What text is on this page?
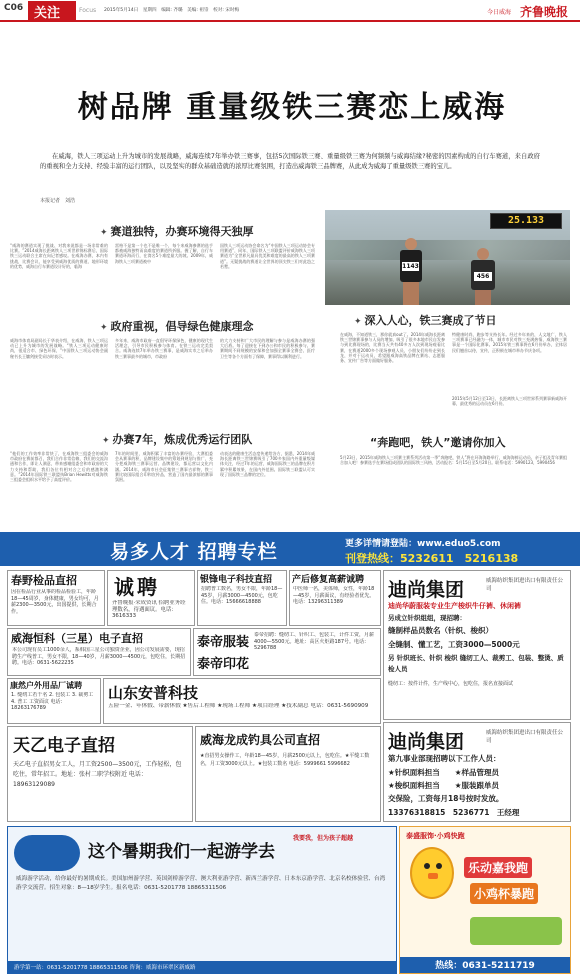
C06 关注	Focus 2015年5月14日　星期四　编辑: 齐璐　美编: 祖崇　校对: 宋时梅	今日威海 齐鲁晚报
树品牌 重量级铁三赛恋上威海
在威海，铁人三项运动上升为城市的发展战略，威海连续7年举办铁三赛事，包括5次国际铁三赛、重量级铁三赛为何频频与威海结缘?秘密的因素构成的自行车赛道，来自政府的重视和全力支持、经验丰富的运行团队，以及坚实的群众基础造就的浓厚比赛氛围，打造出威海铁三品牌赛，从此成为威海了重量级铁三赛的宝儿。
本报记者　刘浩
✦ 赛道独特，办赛环境得天独厚
“威海的赛道实现了挑战、对我来说都是一场非常难的比赛。”2014威海长距离铁人三项世界锦标赛后，国际铁三运动联合主席在向记者感叹。在威海办赛，本内有挑战，比赛会议、能享受到威海优质的赛道、地形环境的优势，威海自行车赛道设计好的，临海
雷格不是第一个也不是唯一个，每个来威海参赛的选手都被威海独特而高难度的赛道所折服。握了解，自行车赛道环海而行，在湾名5个难度最大的坡。2009年，威海铁人三项赛道被中
国铁人三项运动协会命名为“中国铁人三项运动协会专用赛道”，同年，国际铁人三项联盟评价威海铁人三项赛道为“全世界凡最具优美和难度的最高的铁人三项赛道”。无疑挑战的赛道让全世界的顶尖铁三们对此趋之若鹜。
✦ 政府重视，倡导绿色健康理念
威海市体育局副局长于华表介绍，在威海，铁人三项运动已上升为城市的发展战略。“铁人三项运动健康时尚，很适合市、绿色环保，”中国铁人三项运动协会副秘书长王镛剑接受采访时表示。
多年来，威海市政府一直倡导环保绿色，健康的现代生活理念，引导市民积极参与体育。在铁三运动完美契合。威海连续7年举办铁三赛事，是威海实市之后举办铁三赛事最多的城市，市政府
的大力支持和广大市民的理解与参与是威海办赛的强大后盾。每了迎接在下到办公和市民的积极参与、赛赛期间不同规模的安保和会加强全赛事全赛会、医疗卫生等各个方面有了保障，赛事得以顺利进行。
✦ 办赛7年，炼成优秀运行团队
“他们的工作效率非常快了，在威海铁三组委会的威海市政府在赛前都召，我们合作非常信赖，我们的交流沟通和合作，即让人满意，带来感谢组委会和市政府的大力支持和帮助，我们各位有相对合之后的感激和满意。”2014年国际铁三联盟执Brian Hewitts对威海铁三组委会组织水平给予了高度评价。
7年的时间里，威海积累了丰富的办赛经验，大赛组委会从赛事的积，品牌建设集中的筹划到规划与推广，充分把威海铁三赛事运营、品牌建设，都运营以文化内涵。2014年，威海市社会征集铁三赛事吉祥物，铁三赛比较国际组合印和宣传品，营造了国内最浓郁的赛事氛围。
动表达的健康生活态度传递给各方，据悉，2014年威海长距离铁三世锦赛吸引了700多家国内外重量级媒体关注，经过7年的运营，威海国际铁三的品牌在积月累中积累效果，在国内外范围。国际铁三联盟认可实现了国际铁三品牌的定位。
25.133
1143
456
✦ 深入人心，铁三赛成了节日
在威海，不知道铁三，那你就真out了。2014年威海长距离铁三世锦赛事参与人员的增加、吸引了很多本地市民自发参与到比赛现场的，比赛当天共有40多万人次到现场观看比赛，在赛道2000多个现场参观人员，小朋友们纷纷走到长龙，并对于运动员，希望跟威海高铁品牌在赛站、志愿服务、宣传广告等方面做好服务。
特健康时尚，跑步等支持长年。经过多年来的，人文地广，铁人三项赛事已经融为一体，城市市民对铁三充满热情，威海铁三赛事是一个国际化赛事。2015年铁三赛事将在6月份举办，全体居民们翘首以待，宣传，正积极在城市举办节庆各项。
2015年5月12日至13日，长距离铁人三项世界系列赛事新威海开幕，最优秀的运动员在6月份。
“奔跑吧，铁人”邀请你加入
5月23日，2015年威海铁人三项赛主赛系列活动第一季“奔跑吧，铁人”将在环海海路举行，威海海鲜运动员、亲子组及青年赛组合加入吧！参赛选手在赛场组成团队的国际铁三风格，活动报名：5月15日至5月20日。联系电话：5990123，5990456
易多人才 招聘专栏	更多详情请登陆：www.eduo5.com
刊登热线：5232611　5216138
春野检品直招
因在检品行业从事的检品检验工，年龄18—45周岁，身体健康，男女均可，月薪2300—3500元，出国提供，长期合作。
诚聘
齐鲁晚报·荣成资讯 招聘业务经理数名，待遇面议。电话：3616333
银锋电子科技直招
招聘普工数名，男女不限，年龄18—45岁，月薪3000—4500元，包吃住。电话：15666618888
产后修复高薪诚聘
中医师一名，美体师，女性，年龄18—45岁，月薪面议，有经验者优先。电话：13296311389
迪尚集团	威海纺织集团进出口有限责任公司
迪尚华蔚服装专业生产梭织牛仔裤、休闲裤
另成立针织组组，现招聘：
缝制样品员数名（针织、梭织）
全缝制、懂工艺，工资3000—5000元
另 针织班长、针织 梭织 缝纫工人、裁剪工、包装、整烫、质检人员
缝纫工：按件计件，生产线中心，包吃住，报名直接面试
威海恒科（三星）电子直招
本公司现有员工1000余人，系韩国三星公司独资企业，因公司发展需要，现招聘生产线普工，男女不限，18—40岁，月薪3000—4500元，包吃住，长期招聘。电话：0631-5622235
泰帝服装
泰帝印花
泰帝招聘：缝纫工、针织工、包装工，计件工资，月薪4000—5500元。地址：高区火炬路187号。电话：5296788
康然户外用品厂诚聘
1. 缝纫工若干名 2. 包装工 3. 裁剪工 4. 普工 工资面议 电话：18263176789
山东安普科技
五险一金、年休假、带薪休假 ★售后工程师 ★现场工程师 ★项目经理 ★技术副总 电话：0631-5690909
迪尚集团	威海纺织集团进出口有限责任公司
第九事业部现招聘以下工作人员：
★针织面料担当　　★样品管理员
★梭织面料担当　　★服装跟单员
交保险，工资每月18号按时发放。
13376318815　5236771　王经理
天乙电子直招
天乙电子直招男女工人，月工资2500—3500元，工作轻松，包吃住，常年招工。地址：张村二职学校附近 电话：18963129089
威海龙成钓具公司直招
★直招男女操作工，年龄18—45岁，月薪2500元以上，包吃住。★平缝工数名，月工资3000元以上。★包装工数名 电话：5999661 5996682
这个暑期我们一起游学去
我要我，但为孩子超越
威海游学活动，给你最好的暑期成长。美国加州游学营、英国剑桥游学营、澳大利亚游学营、新西兰游学营、日本东京游学营、北京名校体验营、台湾游学交流营。招生对象：8—18岁学生。报名电话：0631-5201778 18865311506
游学第一站：0631-5201778 18865311506 咨询：威海市环翠区新威路
泰盛服饰·小鸡快跑
乐动嘉我跑
小鸡杯暴跑
热线：0631-5211719
